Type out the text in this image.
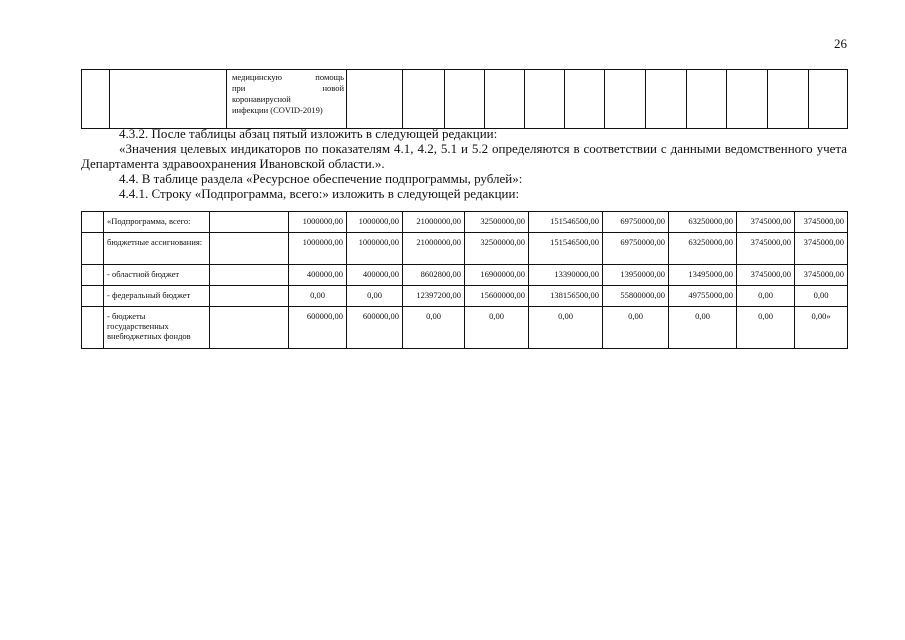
26

медицинскую помощь
при новой
коронавирусной
инфекции (COVID-2019)

4.3.2. После таблицы абзац пятый изложить в следующей редакции:

«Значения целевых индикаторов по показателям 4.1, 4.2, 5.1 и 5.2 определяются в соответствии с данными ведомственного учета Департамента здравоохранения Ивановской области.».

4.4. В таблице раздела «Ресурсное обеспечение подпрограммы, рублей»:

4.4.1. Строку «Подпрограмма, всего:» изложить в следующей редакции:

	«Подпрограмма, всего:		1000000,00	1000000,00	21000000,00	32500000,00	151546500,00	69750000,00	63250000,00	3745000,00	3745000,00
	бюджетные ассигнования:		1000000,00	1000000,00	21000000,00	32500000,00	151546500,00	69750000,00	63250000,00	3745000,00	3745000,00
	- областной бюджет		400000,00	400000,00	8602800,00	16900000,00	13390000,00	13950000,00	13495000,00	3745000,00	3745000,00
	- федеральный бюджет		0,00	0,00	12397200,00	15600000,00	138156500,00	55800000,00	49755000,00	0,00	0,00
	- бюджеты государственных внебюджетных фондов		600000,00	600000,00	0,00	0,00	0,00	0,00	0,00	0,00	0,00»
